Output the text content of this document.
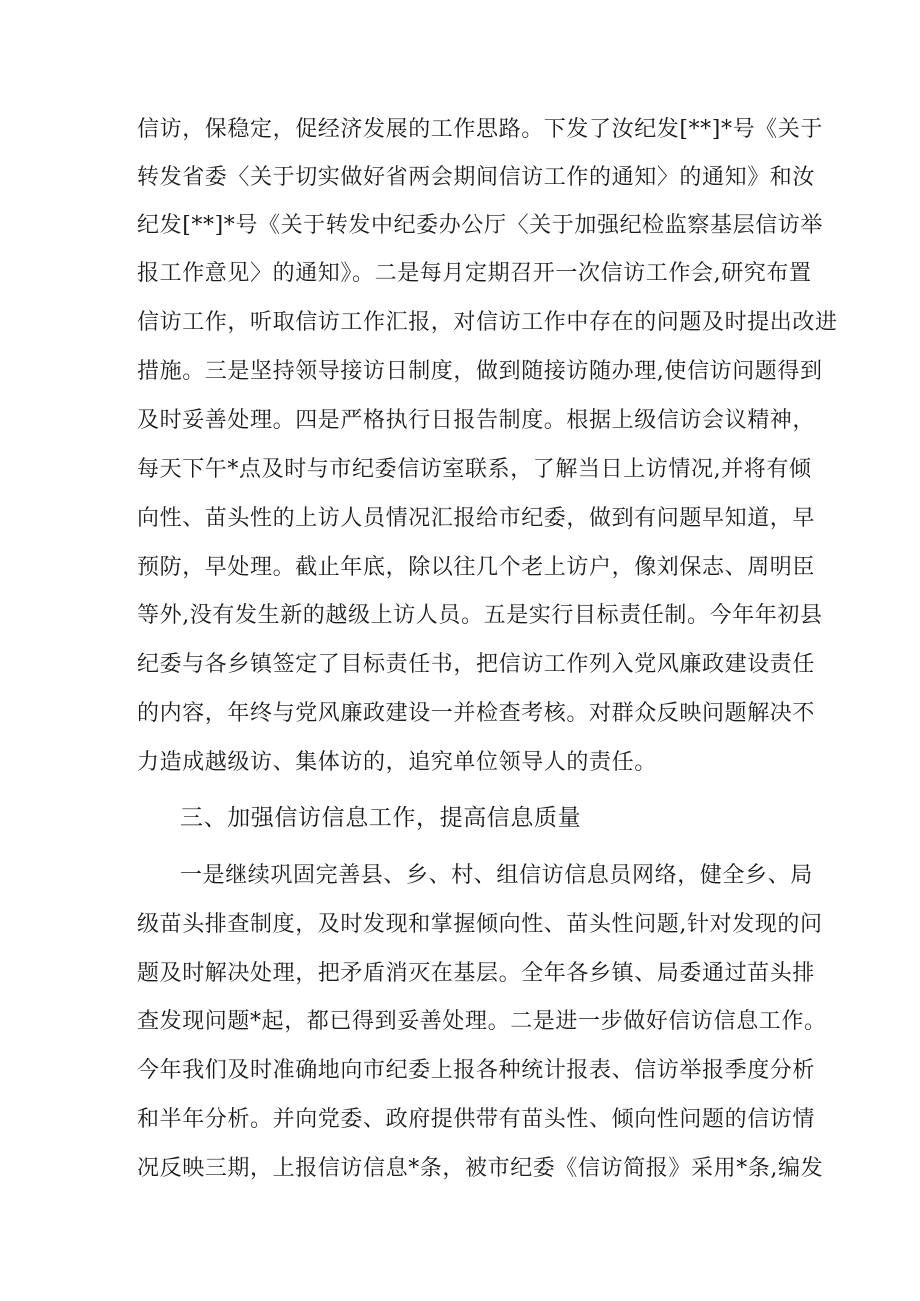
信访，保稳定，促经济发展的工作思路。下发了汝纪发[**]*号《关于
转发省委〈关于切实做好省两会期间信访工作的通知〉的通知》和汝
纪发[**]*号《关于转发中纪委办公厅〈关于加强纪检监察基层信访举
报工作意见〉的通知》。二是每月定期召开一次信访工作会,研究布置
信访工作，听取信访工作汇报，对信访工作中存在的问题及时提出改进
措施。三是坚持领导接访日制度，做到随接访随办理,使信访问题得到
及时妥善处理。四是严格执行日报告制度。根据上级信访会议精神，
每天下午*点及时与市纪委信访室联系，了解当日上访情况,并将有倾
向性、苗头性的上访人员情况汇报给市纪委，做到有问题早知道，早
预防，早处理。截止年底，除以往几个老上访户，像刘保志、周明臣
等外,没有发生新的越级上访人员。五是实行目标责任制。今年年初县
纪委与各乡镇签定了目标责任书，把信访工作列入党风廉政建设责任
的内容，年终与党风廉政建设一并检查考核。对群众反映问题解决不
力造成越级访、集体访的，追究单位领导人的责任。
三、加强信访信息工作，提高信息质量
一是继续巩固完善县、乡、村、组信访信息员网络，健全乡、局
级苗头排查制度，及时发现和掌握倾向性、苗头性问题,针对发现的问
题及时解决处理，把矛盾消灭在基层。全年各乡镇、局委通过苗头排
查发现问题*起，都已得到妥善处理。二是进一步做好信访信息工作。
今年我们及时准确地向市纪委上报各种统计报表、信访举报季度分析
和半年分析。并向党委、政府提供带有苗头性、倾向性问题的信访情
况反映三期，上报信访信息*条，被市纪委《信访简报》采用*条,编发
